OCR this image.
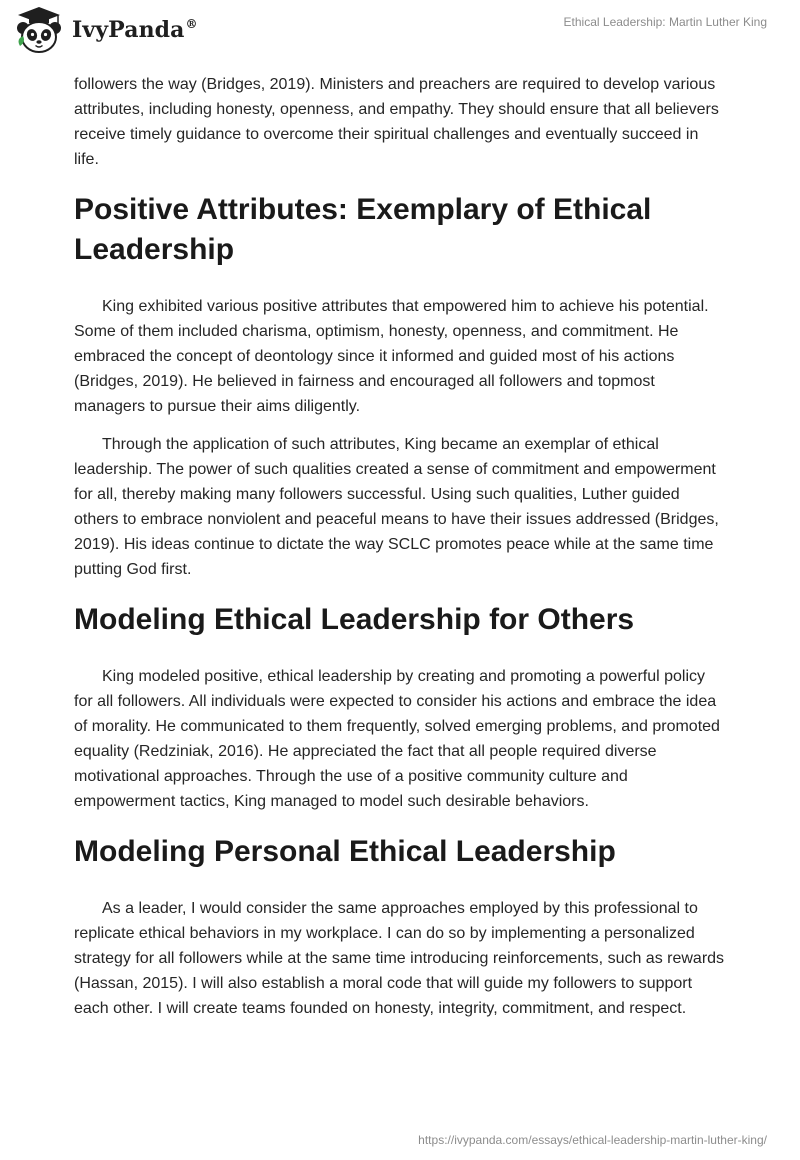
IvyPanda®	Ethical Leadership: Martin Luther King

followers the way (Bridges, 2019). Ministers and preachers are required to develop various attributes, including honesty, openness, and empathy. They should ensure that all believers receive timely guidance to overcome their spiritual challenges and eventually succeed in life.

Positive Attributes: Exemplary of Ethical Leadership

King exhibited various positive attributes that empowered him to achieve his potential. Some of them included charisma, optimism, honesty, openness, and commitment. He embraced the concept of deontology since it informed and guided most of his actions (Bridges, 2019). He believed in fairness and encouraged all followers and topmost managers to pursue their aims diligently.

Through the application of such attributes, King became an exemplar of ethical leadership. The power of such qualities created a sense of commitment and empowerment for all, thereby making many followers successful. Using such qualities, Luther guided others to embrace nonviolent and peaceful means to have their issues addressed (Bridges, 2019). His ideas continue to dictate the way SCLC promotes peace while at the same time putting God first.

Modeling Ethical Leadership for Others

King modeled positive, ethical leadership by creating and promoting a powerful policy for all followers. All individuals were expected to consider his actions and embrace the idea of morality. He communicated to them frequently, solved emerging problems, and promoted equality (Redziniak, 2016). He appreciated the fact that all people required diverse motivational approaches. Through the use of a positive community culture and empowerment tactics, King managed to model such desirable behaviors.

Modeling Personal Ethical Leadership

As a leader, I would consider the same approaches employed by this professional to replicate ethical behaviors in my workplace. I can do so by implementing a personalized strategy for all followers while at the same time introducing reinforcements, such as rewards (Hassan, 2015). I will also establish a moral code that will guide my followers to support each other. I will create teams founded on honesty, integrity, commitment, and respect.

https://ivypanda.com/essays/ethical-leadership-martin-luther-king/
